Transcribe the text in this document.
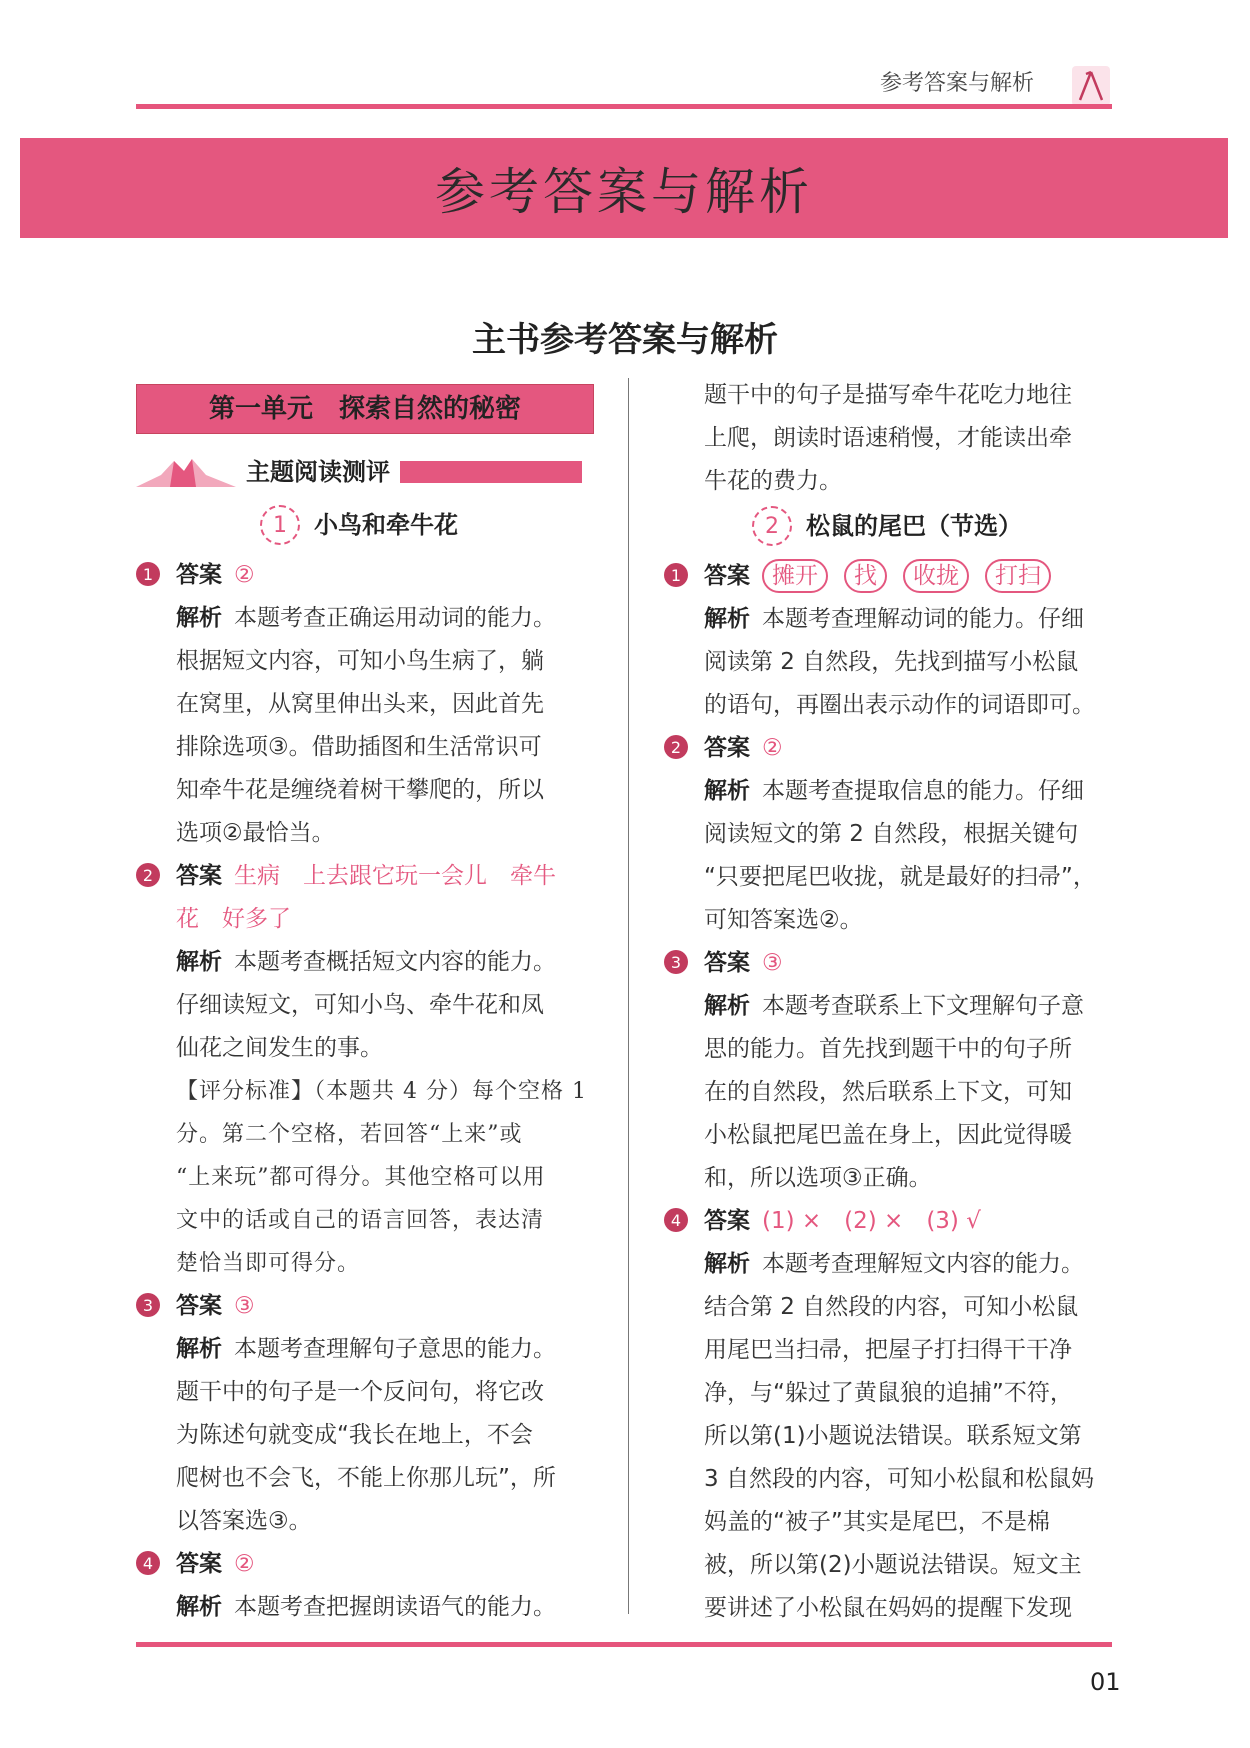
参考答案与解析
参考答案与解析
主书参考答案与解析
第一单元　探索自然的秘密
主题阅读测评
1	小鸟和牵牛花
1 答案 ②

解析 本题考查正确运用动词的能力。

根据短文内容，可知小鸟生病了，躺

在窝里，从窝里伸出头来，因此首先

排除选项③。借助插图和生活常识可

知牵牛花是缠绕着树干攀爬的，所以

选项②最恰当。

2 答案 生病　上去跟它玩一会儿　牵牛

花　好多了

解析 本题考查概括短文内容的能力。

仔细读短文，可知小鸟、牵牛花和凤

仙花之间发生的事。

【评分标准】（本题共 4 分）每个空格 1

分。第二个空格，若回答“上来”或

“上来玩”都可得分。其他空格可以用

文中的话或自己的语言回答，表达清

楚恰当即可得分。

3 答案 ③

解析 本题考查理解句子意思的能力。

题干中的句子是一个反问句，将它改

为陈述句就变成“我长在地上，不会

爬树也不会飞，不能上你那儿玩”，所

以答案选③。

4 答案 ②

解析 本题考查把握朗读语气的能力。

题干中的句子是描写牵牛花吃力地往

上爬，朗读时语速稍慢，才能读出牵

牛花的费力。

2	松鼠的尾巴（节选）
1 答案 摊开 找 收拢 打扫

解析 本题考查理解动词的能力。仔细

阅读第 2 自然段，先找到描写小松鼠

的语句，再圈出表示动作的词语即可。

2 答案 ②

解析 本题考查提取信息的能力。仔细

阅读短文的第 2 自然段，根据关键句

“只要把尾巴收拢，就是最好的扫帚”，

可知答案选②。

3 答案 ③

解析 本题考查联系上下文理解句子意

思的能力。首先找到题干中的句子所

在的自然段，然后联系上下文，可知

小松鼠把尾巴盖在身上，因此觉得暖

和，所以选项③正确。

4 答案 (1) ×　(2) ×　(3) √

解析 本题考查理解短文内容的能力。

结合第 2 自然段的内容，可知小松鼠

用尾巴当扫帚，把屋子打扫得干干净

净，与“躲过了黄鼠狼的追捕”不符，

所以第(1)小题说法错误。联系短文第

3 自然段的内容，可知小松鼠和松鼠妈

妈盖的“被子”其实是尾巴，不是棉

被，所以第(2)小题说法错误。短文主

要讲述了小松鼠在妈妈的提醒下发现

01
